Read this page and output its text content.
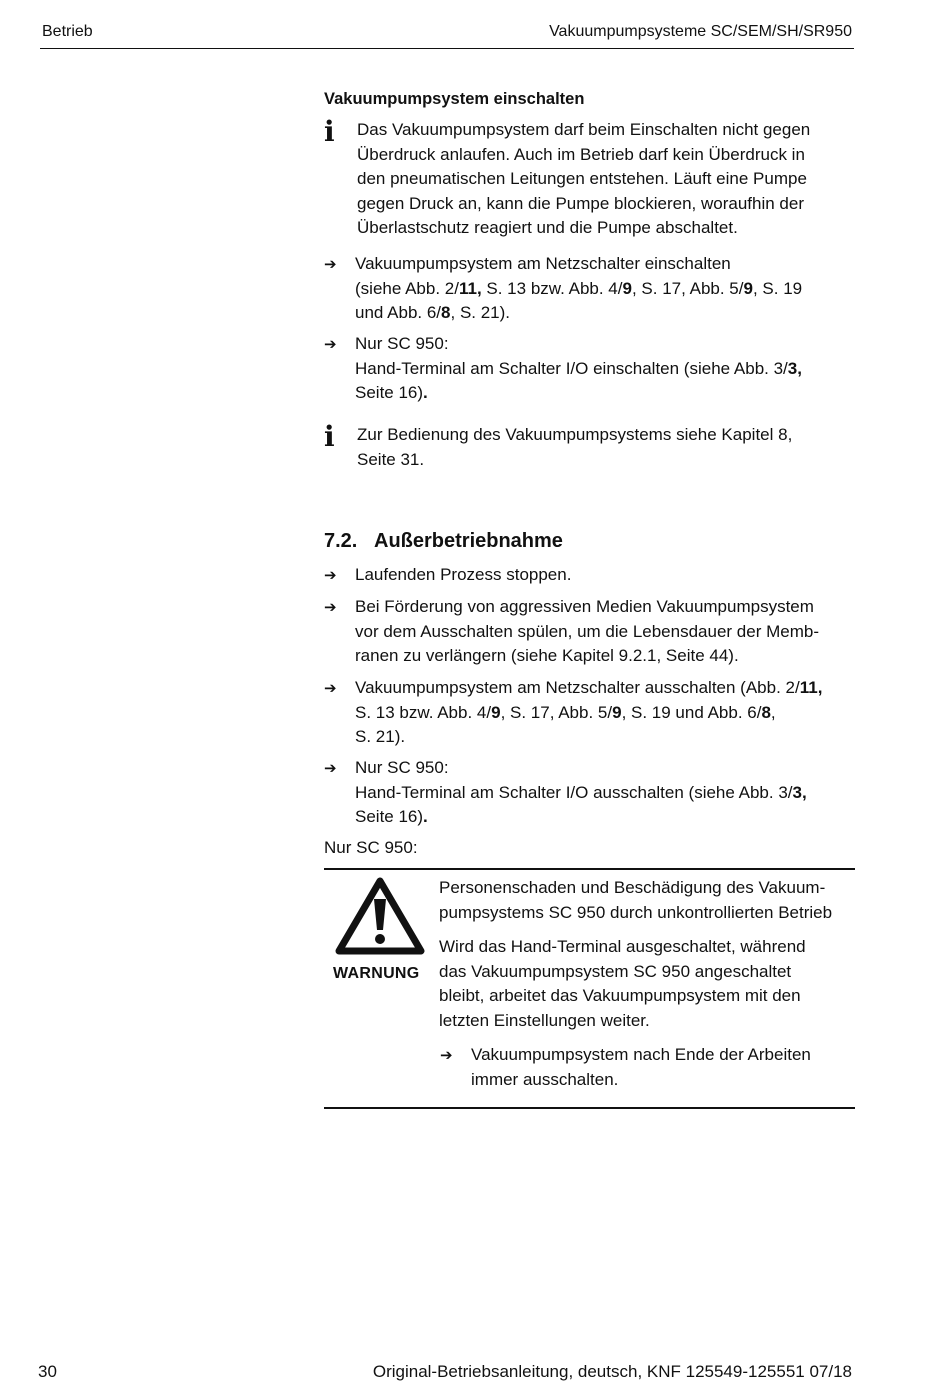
Betrieb	Vakuumpumpsysteme SC/SEM/SH/SR950
Vakuumpumpsystem einschalten
i Das Vakuumpumpsystem darf beim Einschalten nicht gegen
Überdruck anlaufen. Auch im Betrieb darf kein Überdruck in
den pneumatischen Leitungen entstehen. Läuft eine Pumpe
gegen Druck an, kann die Pumpe blockieren, woraufhin der
Überlastschutz reagiert und die Pumpe abschaltet.
➔ Vakuumpumpsystem am Netzschalter einschalten
(siehe Abb. 2/11, S. 13 bzw. Abb. 4/9, S. 17, Abb. 5/9, S. 19
und Abb. 6/8, S. 21).
➔ Nur SC 950:
Hand-Terminal am Schalter I/O einschalten (siehe Abb. 3/3,
Seite 16).
i Zur Bedienung des Vakuumpumpsystems siehe Kapitel 8,
Seite 31.
7.2. Außerbetriebnahme
➔ Laufenden Prozess stoppen.
➔ Bei Förderung von aggressiven Medien Vakuumpumpsystem
vor dem Ausschalten spülen, um die Lebensdauer der Memb-
ranen zu verlängern (siehe Kapitel 9.2.1, Seite 44).
➔ Vakuumpumpsystem am Netzschalter ausschalten (Abb. 2/11,
S. 13 bzw. Abb. 4/9, S. 17, Abb. 5/9, S. 19 und Abb. 6/8,
S. 21).
➔ Nur SC 950:
Hand-Terminal am Schalter I/O ausschalten (siehe Abb. 3/3,
Seite 16).
Nur SC 950:
WARNUNG
Personenschaden und Beschädigung des Vakuum-
pumpsystems SC 950 durch unkontrollierten Betrieb
Wird das Hand-Terminal ausgeschaltet, während
das Vakuumpumpsystem SC 950 angeschaltet
bleibt, arbeitet das Vakuumpumpsystem mit den
letzten Einstellungen weiter.
➔ Vakuumpumpsystem nach Ende der Arbeiten
immer ausschalten.
30	Original-Betriebsanleitung, deutsch, KNF 125549-125551 07/18
